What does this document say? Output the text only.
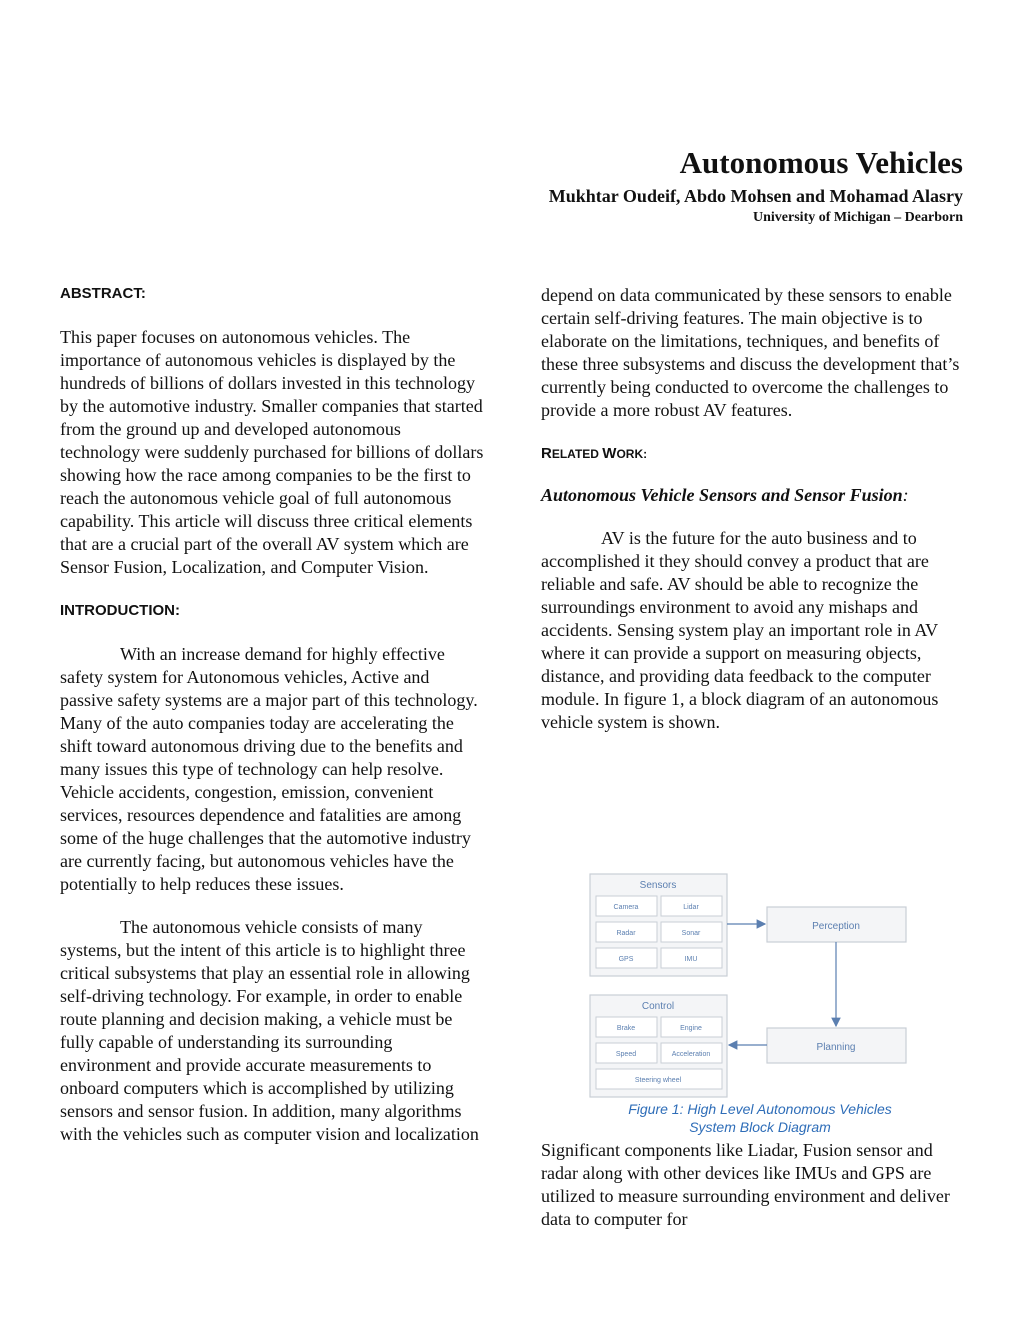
Autonomous Vehicles
Mukhtar Oudeif, Abdo Mohsen and Mohamad Alasry
University of Michigan – Dearborn
ABSTRACT:

This paper focuses on autonomous vehicles. The importance of autonomous vehicles is displayed by the hundreds of billions of dollars invested in this technology by the automotive industry. Smaller companies that started from the ground up and developed autonomous technology were suddenly purchased for billions of dollars showing how the race among companies to be the first to reach the autonomous vehicle goal of full autonomous capability. This article will discuss three critical elements that are a crucial part of the overall AV system which are Sensor Fusion, Localization, and Computer Vision.

INTRODUCTION:

With an increase demand for highly effective safety system for Autonomous vehicles, Active and passive safety systems are a major part of this technology. Many of the auto companies today are accelerating the shift toward autonomous driving due to the benefits and many issues this type of technology can help resolve. Vehicle accidents, congestion, emission, convenient services, resources dependence and fatalities are among some of the huge challenges that the automotive industry are currently facing, but autonomous vehicles have the potentially to help reduces these issues.

The autonomous vehicle consists of many systems, but the intent of this article is to highlight three critical subsystems that play an essential role in allowing self-driving technology. For example, in order to enable route planning and decision making, a vehicle must be fully capable of understanding its surrounding environment and provide accurate measurements to onboard computers which is accomplished by utilizing sensors and sensor fusion. In addition, many algorithms with the vehicles such as computer vision and localization

depend on data communicated by these sensors to enable certain self-driving features. The main objective is to elaborate on the limitations, techniques, and benefits of these three subsystems and discuss the development that’s currently being conducted to overcome the challenges to provide a more robust AV features.

RELATED WORK:
Autonomous Vehicle Sensors and Sensor Fusion:

AV is the future for the auto business and to accomplished it they should convey a product that are reliable and safe. AV should be able to recognize the surroundings environment to avoid any mishaps and accidents. Sensing system play an important role in AV where it can provide a support on measuring objects, distance, and providing data feedback to the computer module. In figure 1, a block diagram of an autonomous vehicle system is shown.

Sensors
Camera	Lidar
Radar	Sonar
GPS	IMU
Control
Brake	Engine
Speed	Acceleration
Steering wheel
Perception
Planning
Figure 1: High Level Autonomous Vehicles
System Block Diagram

Significant components like Liadar, Fusion sensor and radar along with other devices like IMUs and GPS are utilized to measure surrounding environment and deliver data to computer for
